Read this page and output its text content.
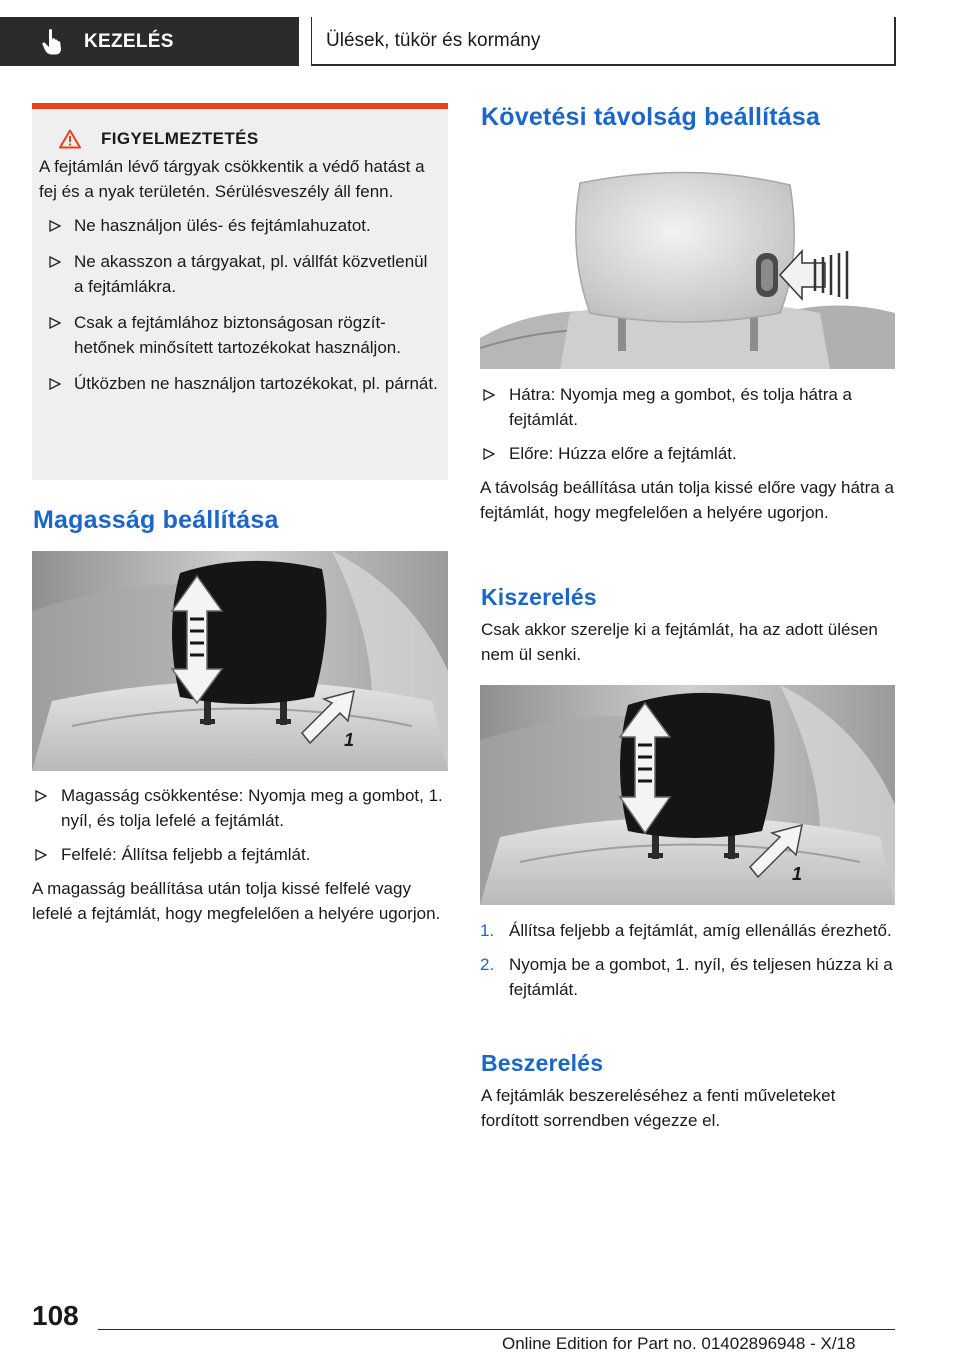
KEZELÉS	Ülések, tükör és kormány
FIGYELMEZTETÉS

A fejtámlán lévő tárgyak csökkentik a védő hatást a fej és a nyak területén. Sérülésveszély áll fenn.

Ne használjon ülés- és fejtámlahuzatot.
Ne akasszon a tárgyakat, pl. vállfát közvetlenül a fejtámlákra.
Csak a fejtámlához biztonságosan rögzíthetőnek minősített tartozékokat használjon.
Útközben ne használjon tartozékokat, pl. párnát.
Magasság beállítása
1
Magasság csökkentése: Nyomja meg a gombot, 1. nyíl, és tolja lefelé a fejtámlát.
Felfelé: Állítsa feljebb a fejtámlát.

A magasság beállítása után tolja kissé felfelé vagy lefelé a fejtámlát, hogy megfelelően a helyére ugorjon.

Követési távolság beállítása
Hátra: Nyomja meg a gombot, és tolja hátra a fejtámlát.
Előre: Húzza előre a fejtámlát.

A távolság beállítása után tolja kissé előre vagy hátra a fejtámlát, hogy megfelelően a helyére ugorjon.

Kiszerelés

Csak akkor szerelje ki a fejtámlát, ha az adott ülésen nem ül senki.

1
1. Állítsa feljebb a fejtámlát, amíg ellenállás érezhető.
2. Nyomja be a gombot, 1. nyíl, és teljesen húzza ki a fejtámlát.
Beszerelés

A fejtámlák beszereléséhez a fenti műveleteket fordított sorrendben végezze el.

108
Online Edition for Part no. 01402896948 - X/18
